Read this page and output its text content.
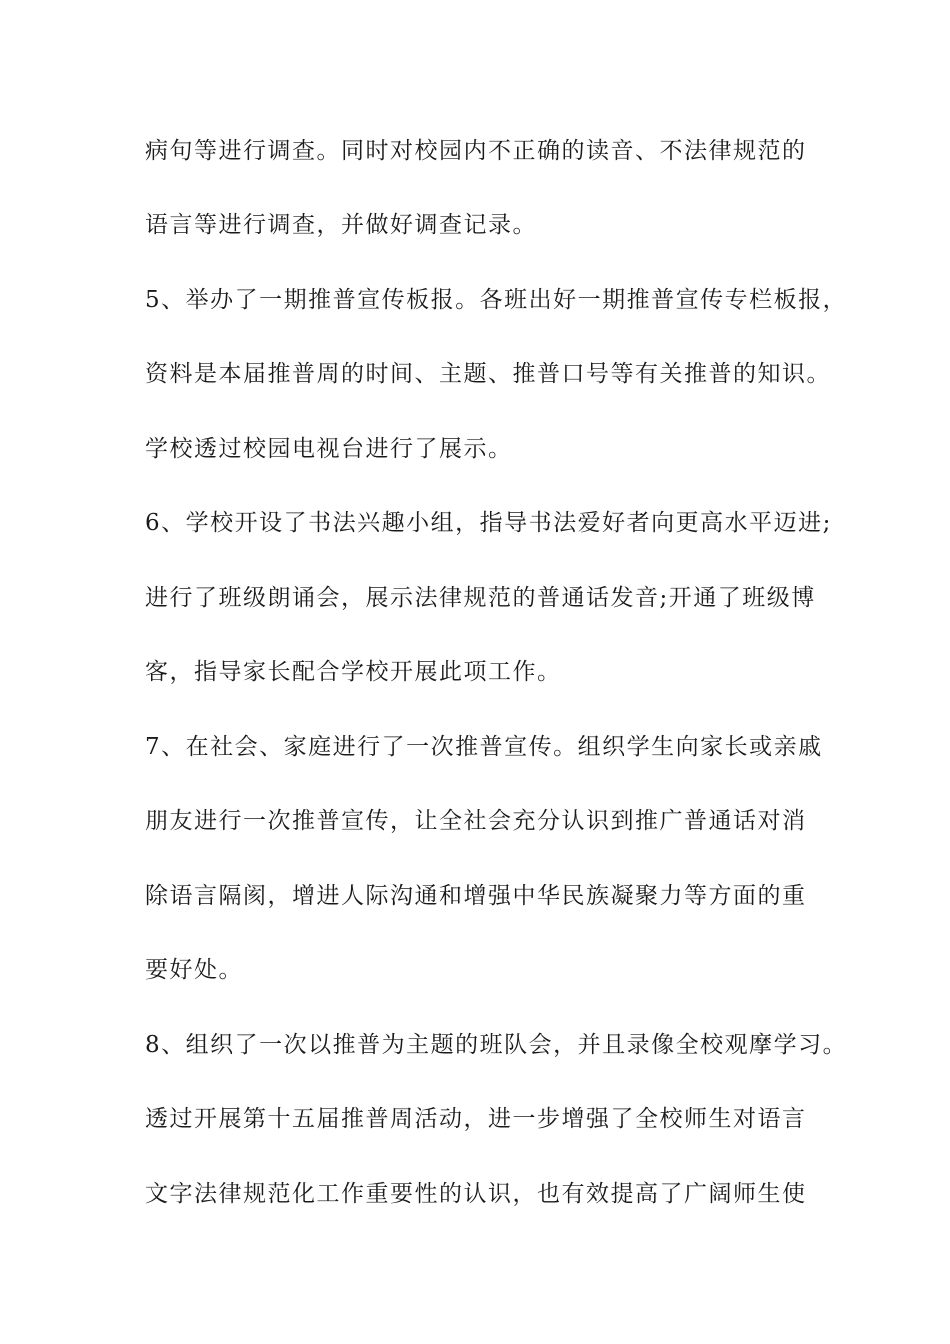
病句等进行调查。同时对校园内不正确的读音、不法律规范的
语言等进行调查，并做好调查记录。
5、举办了一期推普宣传板报。各班出好一期推普宣传专栏板报，
资料是本届推普周的时间、主题、推普口号等有关推普的知识。
学校透过校园电视台进行了展示。
6、学校开设了书法兴趣小组，指导书法爱好者向更高水平迈进;
进行了班级朗诵会，展示法律规范的普通话发音;开通了班级博
客，指导家长配合学校开展此项工作。
7、在社会、家庭进行了一次推普宣传。组织学生向家长或亲戚
朋友进行一次推普宣传，让全社会充分认识到推广普通话对消
除语言隔阂，增进人际沟通和增强中华民族凝聚力等方面的重
要好处。
8、组织了一次以推普为主题的班队会，并且录像全校观摩学习。
透过开展第十五届推普周活动，进一步增强了全校师生对语言
文字法律规范化工作重要性的认识，也有效提高了广阔师生使
